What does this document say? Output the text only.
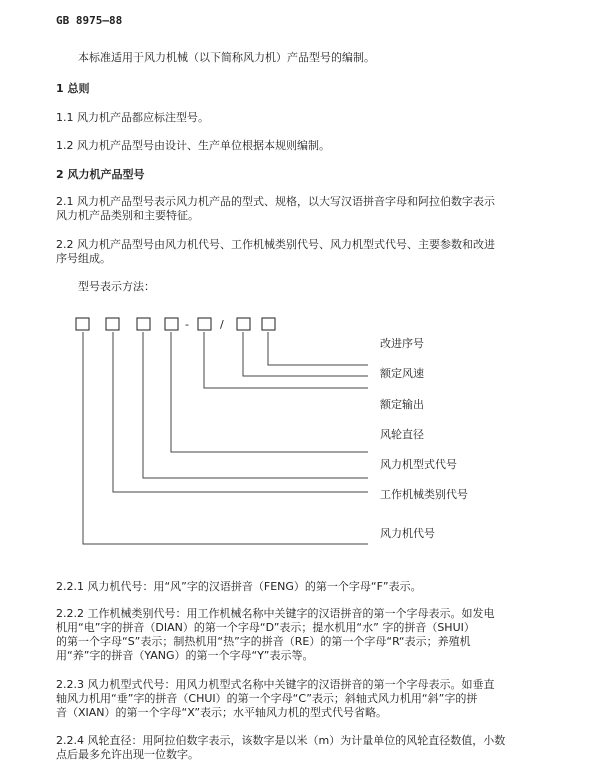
GB 8975—88
本标准适用于风力机械（以下简称风力机）产品型号的编制。
1 总则
1.1 风力机产品都应标注型号。
1.2 风力机产品型号由设计、生产单位根据本规则编制。
2 风力机产品型号
2.1 风力机产品型号表示风力机产品的型式、规格，以大写汉语拼音字母和阿拉伯数字表示
风力机产品类别和主要特征。
2.2 风力机产品型号由风力机代号、工作机械类别代号、风力机型式代号、主要参数和改进
序号组成。
型号表示方法：
-	/
改进序号
额定风速
额定输出
风轮直径
风力机型式代号
工作机械类别代号
风力机代号
2.2.1 风力机代号：用“风”字的汉语拼音（FENG）的第一个字母“F”表示。
2.2.2 工作机械类别代号：用工作机械名称中关键字的汉语拼音的第一个字母表示。如发电
机用“电”字的拼音（DIAN）的第一个字母“D”表示；提水机用“水” 字的拼音（SHUI）
的第一个字母“S”表示；制热机用“热”字的拼音（RE）的第一个字母“R“表示；养殖机
用“养”字的拼音（YANG）的第一个字母“Y”表示等。
2.2.3 风力机型式代号：用风力机型式名称中关键字的汉语拼音的第一个字母表示。如垂直
轴风力机用“垂”字的拼音（CHUI）的第一个字母“C”表示；斜轴式风力机用“斜”字的拼
音（XIAN）的第一个字母“X”表示；水平轴风力机的型式代号省略。
2.2.4 风轮直径：用阿拉伯数字表示，该数字是以米（m）为计量单位的风轮直径数值，小数
点后最多允许出现一位数字。
